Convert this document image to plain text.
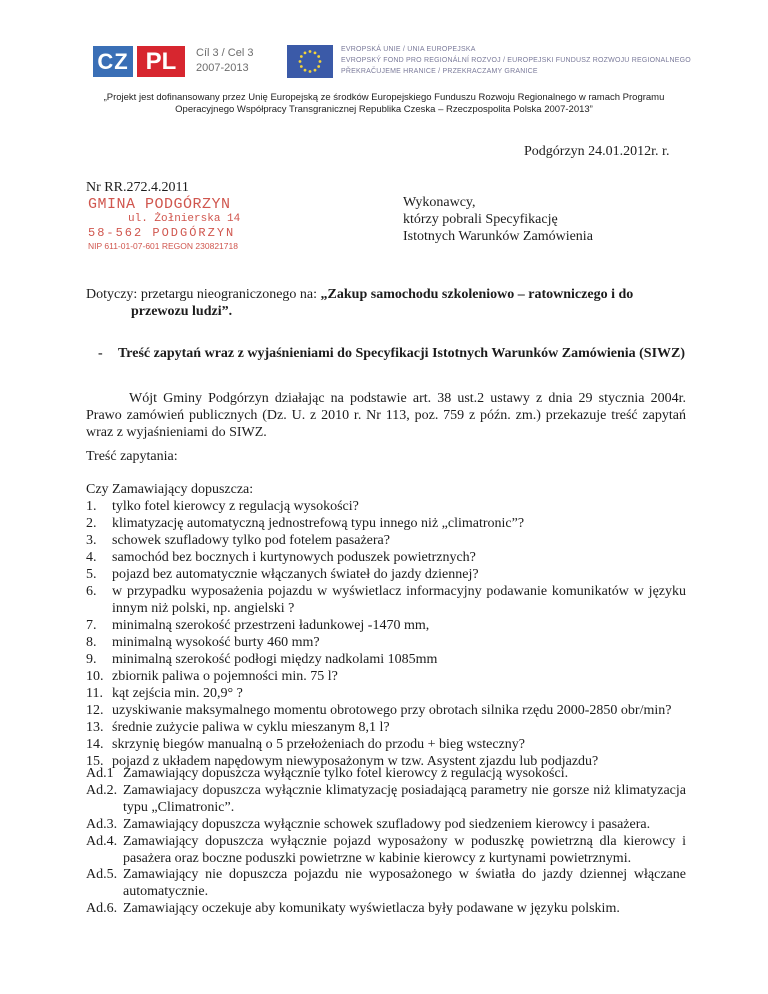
CZ PL	Cíl 3 / Cel 3
2007-2013
EVROPSKÁ UNIE / UNIA EUROPEJSKA
EVROPSKÝ FOND PRO REGIONÁLNÍ ROZVOJ / EUROPEJSKI FUNDUSZ ROZWOJU REGIONALNEGO
PŘEKRAČUJEME HRANICE / PRZEKRACZAMY GRANICE
„Projekt jest dofinansowany przez Unię Europejską ze środków Europejskiego Funduszu Rozwoju Regionalnego w ramach Programu Operacyjnego Współpracy Transgranicznej Republika Czeska – Rzeczpospolita Polska 2007-2013”
Podgórzyn 24.01.2012r. r.
Nr RR.272.4.2011
GMINA PODGÓRZYN
ul. Żołnierska 14
58-562 PODGÓRZYN
NIP 611-01-07-601 REGON 230821718
Wykonawcy,
którzy pobrali Specyfikację
Istotnych Warunków Zamówienia
Dotyczy: przetargu nieograniczonego na: „Zakup samochodu szkoleniowo – ratowniczego i do
przewozu ludzi”.
-	Treść zapytań wraz z wyjaśnieniami do Specyfikacji Istotnych Warunków Zamówienia (SIWZ)
Wójt Gminy Podgórzyn działając na podstawie art. 38 ust.2 ustawy z dnia 29 stycznia 2004r. Prawo zamówień publicznych (Dz. U. z 2010 r. Nr 113, poz. 759 z późn. zm.) przekazuje treść zapytań wraz z wyjaśnieniami do SIWZ.
Treść zapytania:
Czy Zamawiający dopuszcza:
1. tylko fotel kierowcy z regulacją wysokości?
2. klimatyzację automatyczną jednostrefową typu innego niż „climatronic”?
3. schowek szufladowy tylko pod fotelem pasażera?
4. samochód bez bocznych i kurtynowych poduszek powietrznych?
5. pojazd bez automatycznie włączanych świateł do jazdy dziennej?
6. w przypadku wyposażenia pojazdu w wyświetlacz informacyjny podawanie komunikatów w języku innym niż polski, np. angielski ?
7. minimalną szerokość przestrzeni ładunkowej -1470 mm,
8. minimalną wysokość burty 460 mm?
9. minimalną szerokość podłogi między nadkolami 1085mm
10. zbiornik paliwa o pojemności min. 75 l?
11. kąt zejścia min. 20,9° ?
12. uzyskiwanie maksymalnego momentu obrotowego przy obrotach silnika rzędu 2000-2850 obr/min?
13. średnie zużycie paliwa w cyklu mieszanym 8,1 l?
14. skrzynię biegów manualną o 5 przełożeniach do przodu + bieg wsteczny?
15. pojazd z układem napędowym niewyposażonym w tzw. Asystent zjazdu lub podjazdu?
Ad.1 Zamawiający dopuszcza wyłącznie tylko fotel kierowcy z regulacją wysokości.
Ad.2. Zamawiajacy dopuszcza wyłącznie klimatyzację posiadającą parametry nie gorsze niż klimatyzacja typu „Climatronic”.
Ad.3. Zamawiający dopuszcza wyłącznie schowek szufladowy pod siedzeniem kierowcy i pasażera.
Ad.4. Zamawiający dopuszcza wyłącznie pojazd wyposażony w poduszkę powietrzną dla kierowcy i pasażera oraz boczne poduszki powietrzne w kabinie kierowcy z kurtynami powietrznymi.
Ad.5. Zamawiający nie dopuszcza pojazdu nie wyposażonego w światła do jazdy dziennej włączane automatycznie.
Ad.6. Zamawiający oczekuje aby komunikaty wyświetlacza były podawane w języku polskim.
